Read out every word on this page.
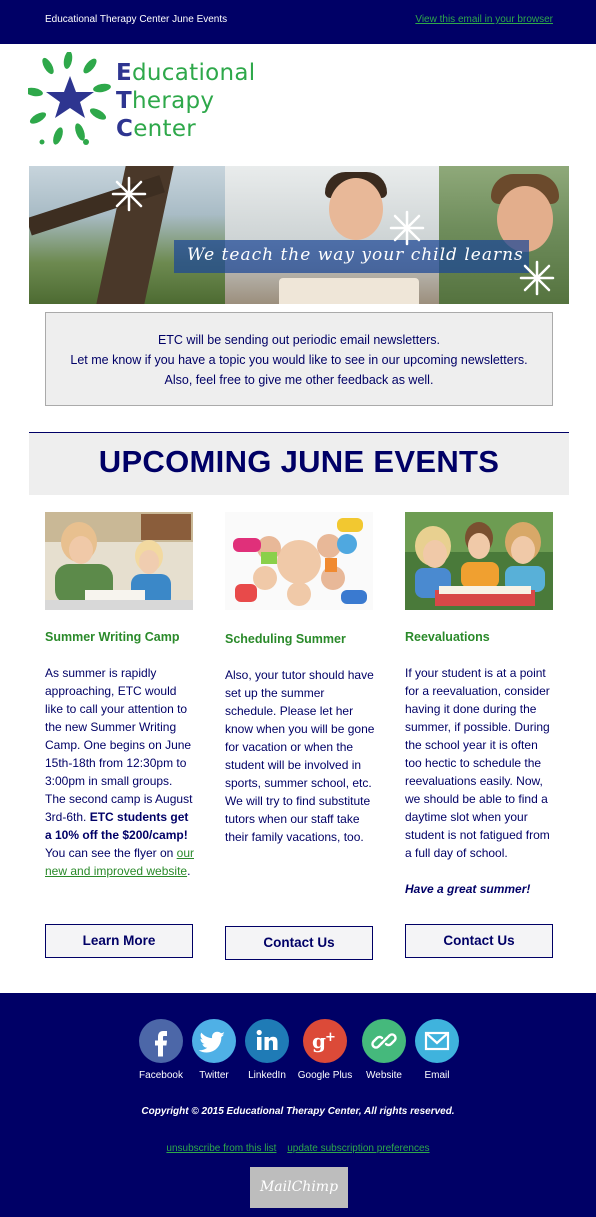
Educational Therapy Center June Events	View this email in your browser
Educational
Therapy
Center
We teach the way your child learns
ETC will be sending out periodic email newsletters.
Let me know if you have a topic you would like to see in our upcoming newsletters. Also, feel free to give me other feedback as well.
UPCOMING JUNE EVENTS
Summer Writing Camp
As summer is rapidly approaching, ETC would like to call your attention to the new Summer Writing Camp. One begins on June 15th-18th from 12:30pm to 3:00pm in small groups. The second camp is August 3rd-6th. ETC students get a 10% off the $200/camp! You can see the flyer on our new and improved website.
Learn More
Scheduling Summer
Also, your tutor should have set up the summer schedule. Please let her know when you will be gone for vacation or when the student will be involved in sports, summer school, etc.
We will try to find substitute tutors when our staff take their family vacations, too.
Contact Us
Reevaluations
If your student is at a point for a reevaluation, consider having it done during the summer, if possible. During the school year it is often too hectic to schedule the reevaluations easily. Now, we should be able to find a daytime slot when your student is not fatigued from a full day of school.
Have a great summer!
Contact Us
Facebook	Twitter	LinkedIn
g +
Google Plus	Website	Email
Copyright © 2015 Educational Therapy Center, All rights reserved.
unsubscribe from this list update subscription preferences
MailChimp
